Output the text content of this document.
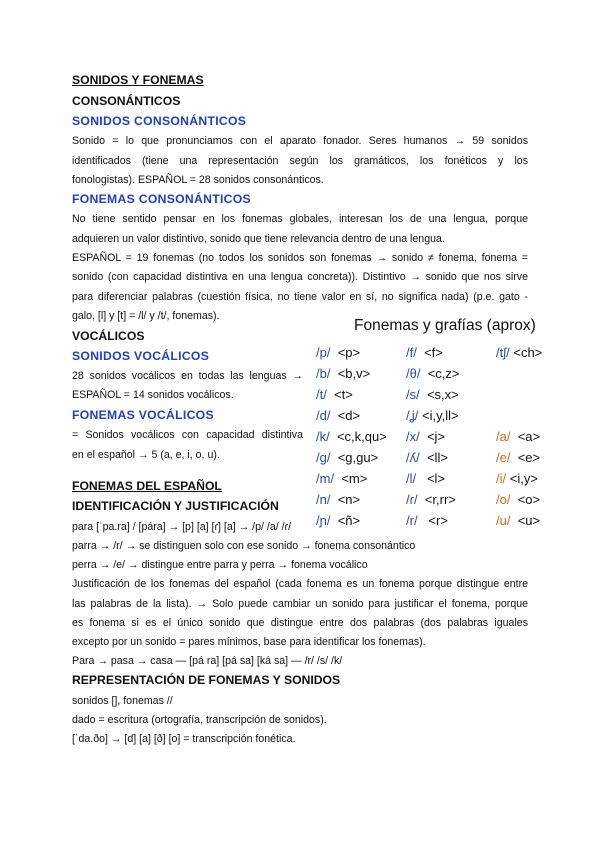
SONIDOS Y FONEMAS
CONSONÁNTICOS
SONIDOS CONSONÁNTICOS
Sonido = lo que pronunciamos con el aparato fonador. Seres humanos → 59 sonidos
identificados (tiene una representación según los gramáticos, los fonéticos y los
fonologistas). ESPAÑOL = 28 sonidos consonánticos.
FONEMAS CONSONÁNTICOS
No tiene sentido pensar en los fonemas globales, interesan los de una lengua, porque
adquieren un valor distintivo, sonido que tiene relevancia dentro de una lengua.
ESPAÑOL = 19 fonemas (no todos los sonidos son fonemas → sonido ≠ fonema, fonema =
sonido (con capacidad distintiva en una lengua concreta)). Distintivo → sonido que nos sirve
para diferenciar palabras (cuestión física, no tiene valor en sí, no significa nada) (p.e. gato -
galo, [l] y [t] = /l/ y /t/, fonemas).
VOCÁLICOS
SONIDOS VOCÁLICOS
28 sonidos vocálicos en todas las lenguas →
ESPAÑOL = 14 sonidos vocálicos.
FONEMAS VOCÁLICOS
= Sonidos vocálicos con capacidad distintiva
en el español → 5 (a, e, i, o, u).
Fonemas y grafías (aprox)
/p/ <p>
/b/ <b,v>
/t/ <t>
/d/ <d>
/k/ <c,k,qu>
/g/ <g,gu>
/m/ <m>
/n/ <n>
/ɲ/ <ñ>
/f/ <f>
/θ/ <c,z>
/s/ <s,x>
/ʝ/ <i,y,ll>
/x/ <j>
/ʎ/ <ll>
/l/ <l>
/ɾ/ <r,rr>
/r/ <r>
/tʃ/ <ch>
/a/ <a>
/e/ <e>
/i/ <i,y>
/o/ <o>
/u/ <u>
FONEMAS DEL ESPAÑOL
IDENTIFICACIÓN Y JUSTIFICACIÓN
para [ˈpa.ra] / [pára] → [p] [a] [ɾ] [a] → /p/ /a/ /ɾ/
parra → /r/ → se distinguen solo con ese sonido → fonema consonántico
perra → /e/ → distingue entre parra y perra → fonema vocálico
Justificación de los fonemas del español (cada fonema es un fonema porque distingue entre
las palabras de la lista). → Solo puede cambiar un sonido para justificar el fonema, porque
es fonema si es el único sonido que distingue entre dos palabras (dos palabras iguales
excepto por un sonido = pares mínimos, base para identificar los fonemas).
Para → pasa → casa — [pá ra] [pá sa] [ká sa] — /r/ /s/ /k/
REPRESENTACIÓN DE FONEMAS Y SONIDOS
sonidos [], fonemas //
dado = escritura (ortografía, transcripción de sonidos).
[ˈda.ðo] → [d] [a] [ð] [o] = transcripción fonética.
